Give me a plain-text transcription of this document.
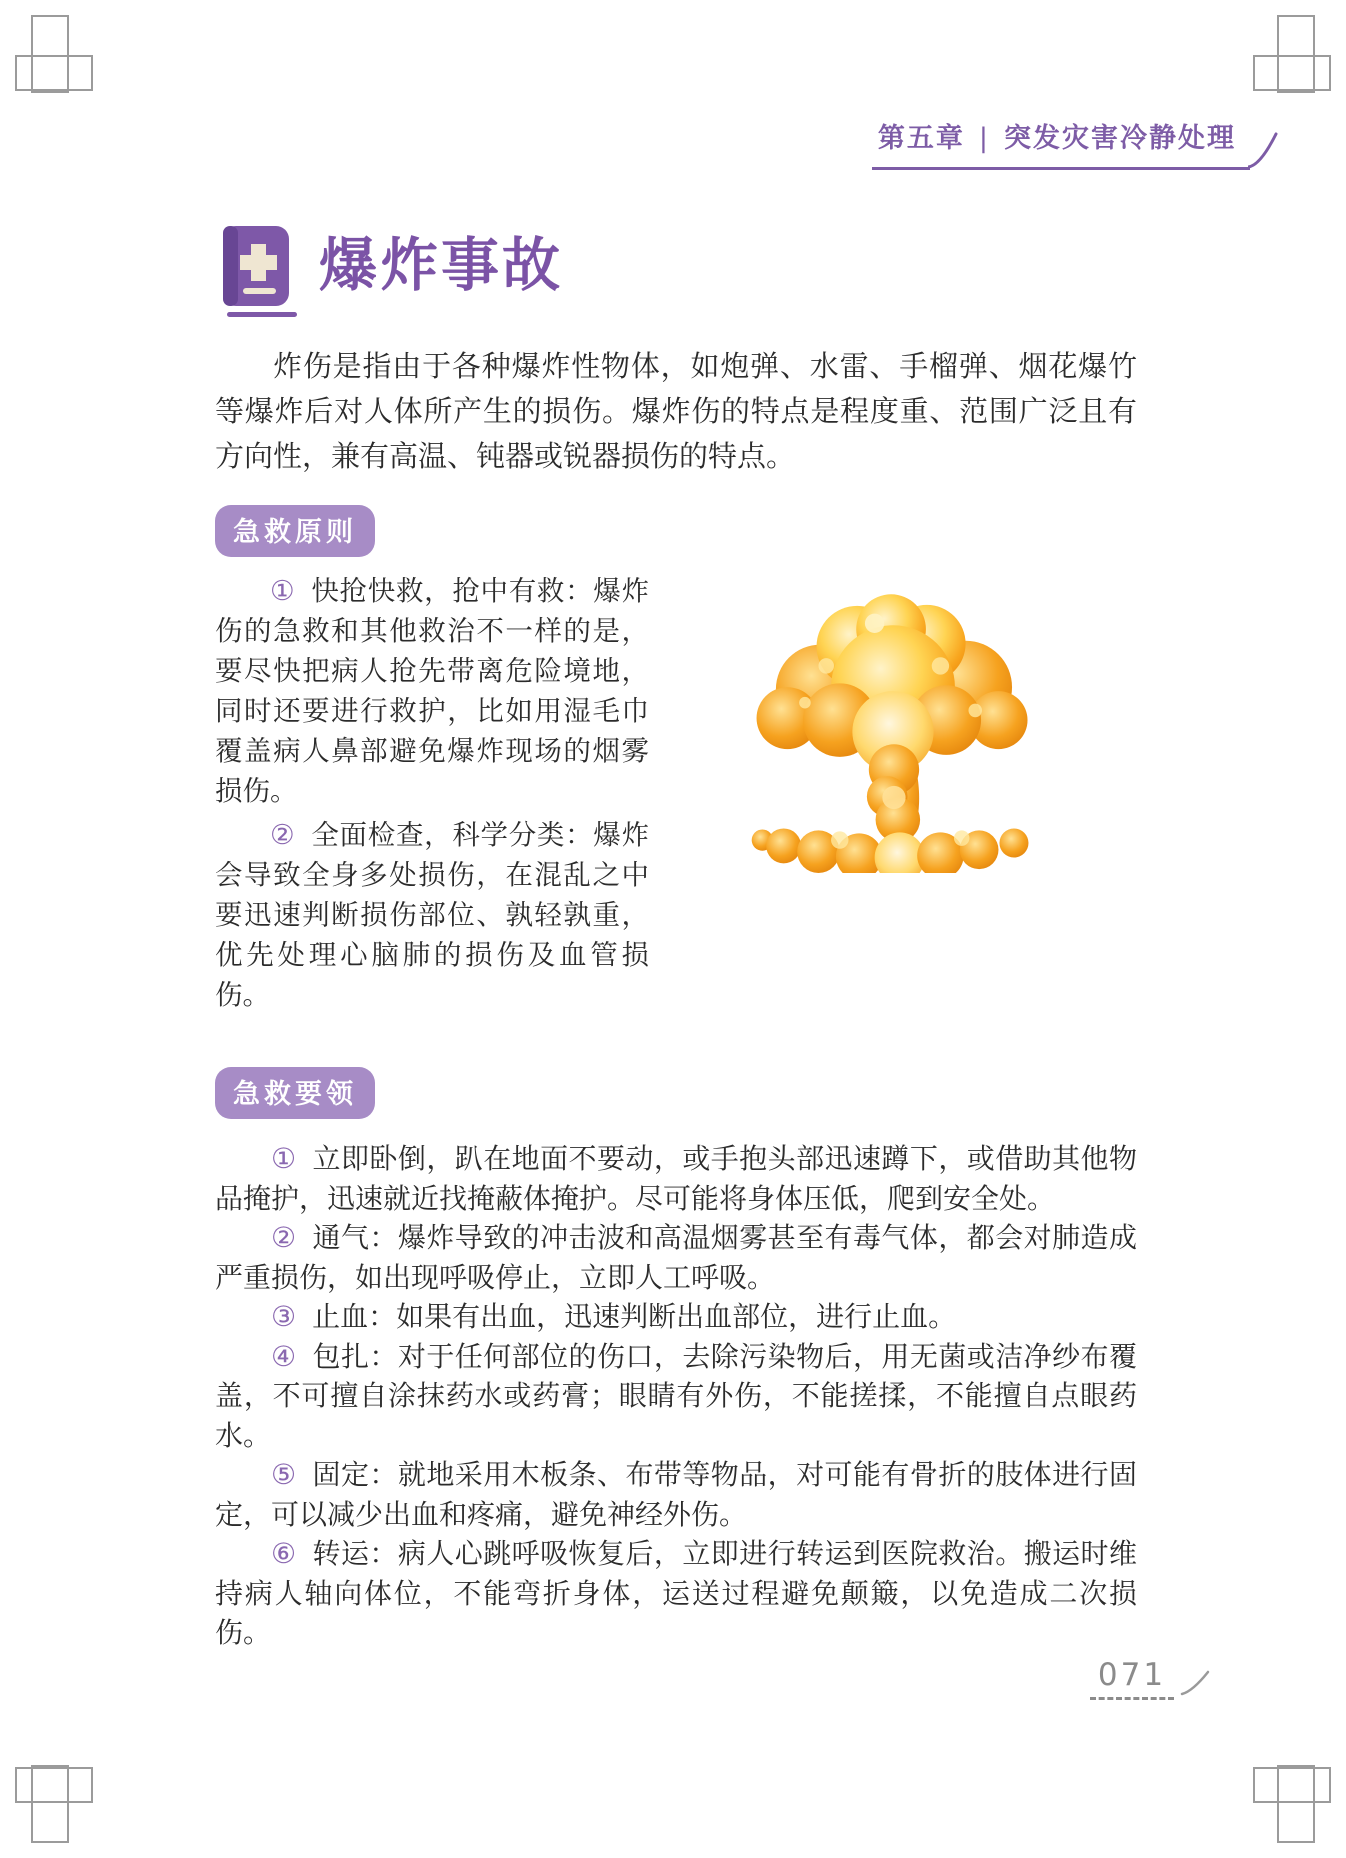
第五章 | 突发灾害冷静处理
爆炸事故

炸伤是指由于各种爆炸性物体，如炮弹、水雷、手榴弹、烟花爆竹等爆炸后对人体所产生的损伤。爆炸伤的特点是程度重、范围广泛且有方向性，兼有高温、钝器或锐器损伤的特点。

急救原则

① 快抢快救，抢中有救：爆炸伤的急救和其他救治不一样的是，要尽快把病人抢先带离危险境地，同时还要进行救护，比如用湿毛巾覆盖病人鼻部避免爆炸现场的烟雾损伤。

② 全面检查，科学分类：爆炸会导致全身多处损伤，在混乱之中要迅速判断损伤部位、孰轻孰重，优先处理心脑肺的损伤及血管损伤。

急救要领

① 立即卧倒，趴在地面不要动，或手抱头部迅速蹲下，或借助其他物品掩护，迅速就近找掩蔽体掩护。尽可能将身体压低，爬到安全处。

② 通气：爆炸导致的冲击波和高温烟雾甚至有毒气体，都会对肺造成严重损伤，如出现呼吸停止，立即人工呼吸。

③ 止血：如果有出血，迅速判断出血部位，进行止血。

④ 包扎：对于任何部位的伤口，去除污染物后，用无菌或洁净纱布覆盖，不可擅自涂抹药水或药膏；眼睛有外伤，不能搓揉，不能擅自点眼药水。

⑤ 固定：就地采用木板条、布带等物品，对可能有骨折的肢体进行固定，可以减少出血和疼痛，避免神经外伤。

⑥ 转运：病人心跳呼吸恢复后，立即进行转运到医院救治。搬运时维持病人轴向体位，不能弯折身体，运送过程避免颠簸，以免造成二次损伤。

071
